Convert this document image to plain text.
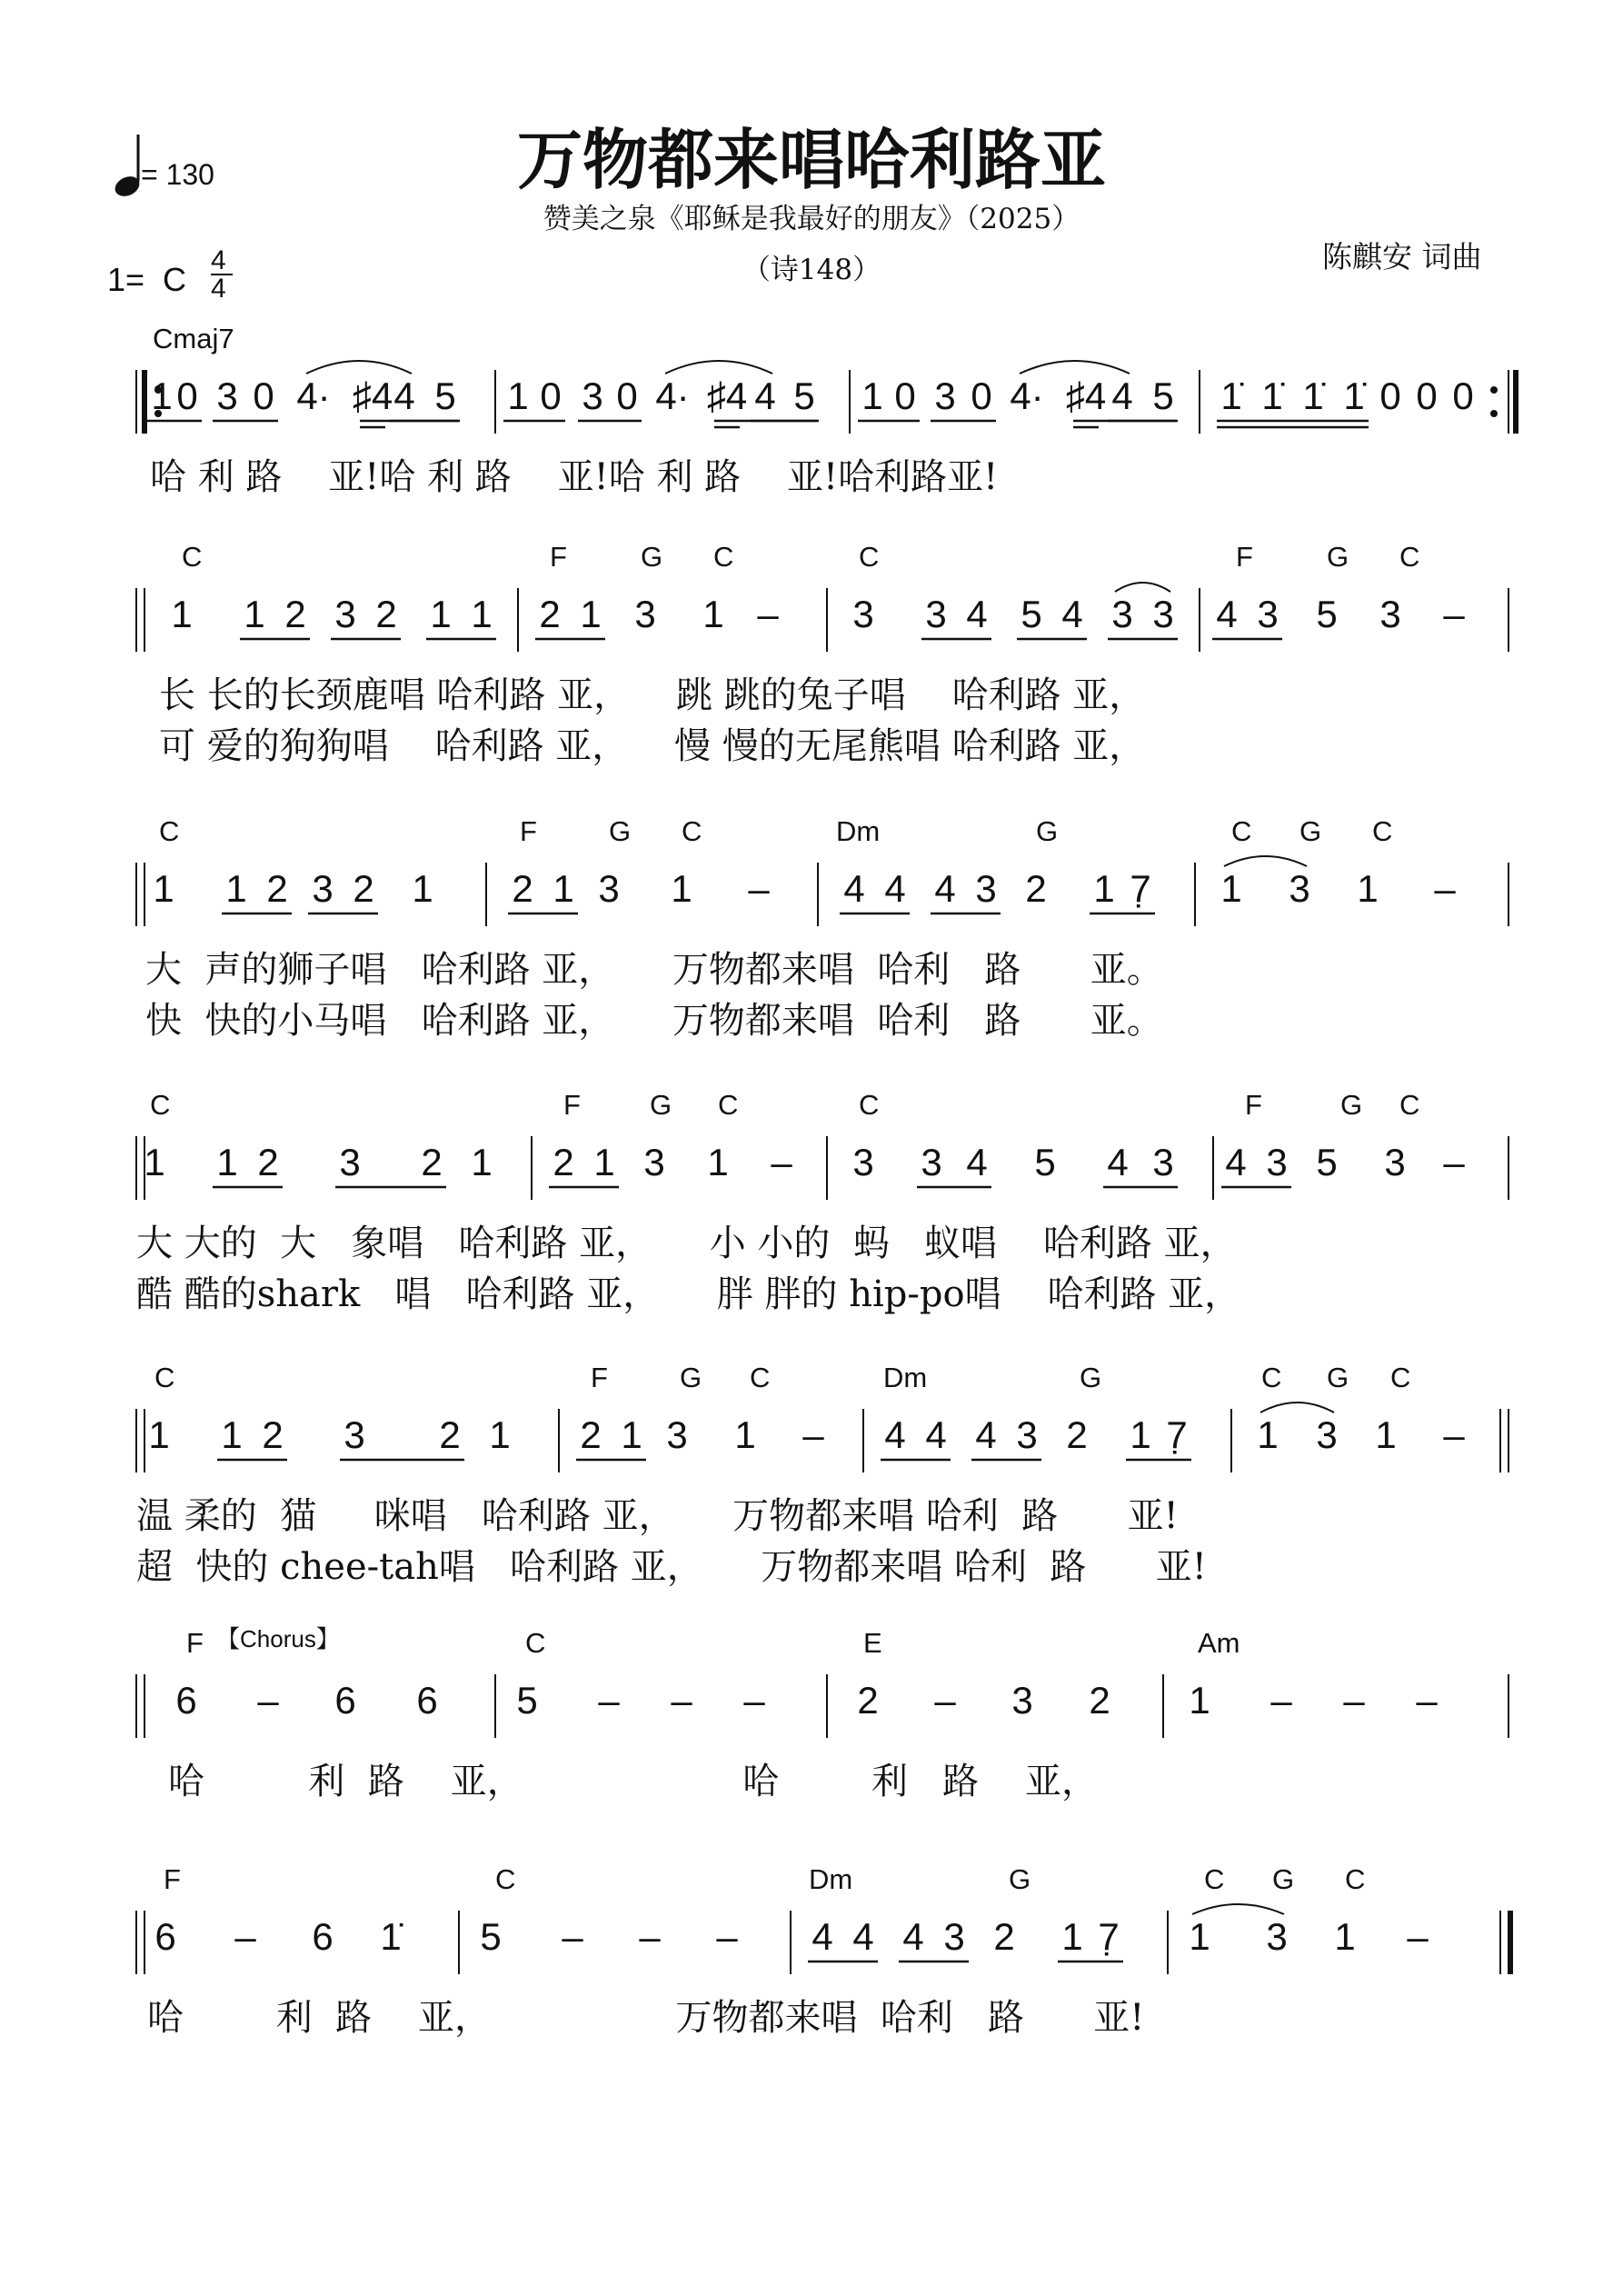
万物都来唱哈利路亚
赞美之泉《耶稣是我最好的朋友》（2025）
（诗148）
= 130
陈麒安 词曲
1=  C
4
4
Cmaj7
1 0 3 0 4· ♯4 4 5	1 0 3 0 4· ♯4 4 5	1 0 3 0 4· ♯4 4 5	1̇ 1̇ 1̇ 1̇ 0 0 0
哈 利 路    亚!哈 利 路    亚!哈 利 路    亚!哈利路亚!
C	F	G C	C	F	G C
1	1 2 3 2 1 1	2 1 3	1 –	3	3 4 5 4 3 3	4 3 5	3	–
长 长的长颈鹿唱 哈利路 亚，    跳 跳的兔子唱    哈利路 亚，
可 爱的狗狗唱    哈利路 亚，    慢 慢的无尾熊唱 哈利路 亚，
C	F	G C	Dm	G	C G C
1	1 2 3 2 1	2 1 3	1	–	4 4 4 3 2	1 7̣	1	3	1	–
大  声的狮子唱   哈利路 亚，     万物都来唱  哈利   路      亚。
快  快的小马唱   哈利路 亚，     万物都来唱  哈利   路      亚。
C	F G C	C	F	G C
1	1 2	3	2 1	2 1 3	1	–	3	3 4	5	4 3	4 3 5	3 –
大 大的  大   象唱   哈利路 亚，     小 小的  蚂   蚁唱    哈利路 亚，
酷 酷的shark   唱   哈利路 亚，     胖 胖的 hip-po唱    哈利路 亚，
C	F	G C	Dm	G	C G C
1	1 2	3	2 1	2 1 3	1	–	4 4 4 3 2	1 7̣	1 3 1	–
温 柔的  猫     咪唱   哈利路 亚，     万物都来唱 哈利  路      亚!
超  快的 chee-tah唱   哈利路 亚，     万物都来唱 哈利  路      亚!
F	C	E	Am
【Chorus】
6	–	6	6	5	–	–	–	2	–	3	2	1	–	–	–
哈         利  路    亚，                   哈        利   路    亚，
F	C	Dm	G	C G C
6	–	6	1̇	5	–	–	–	4 4 4 3 2	1 7̣	1	3	1	–
哈        利  路    亚，                万物都来唱  哈利   路      亚!
